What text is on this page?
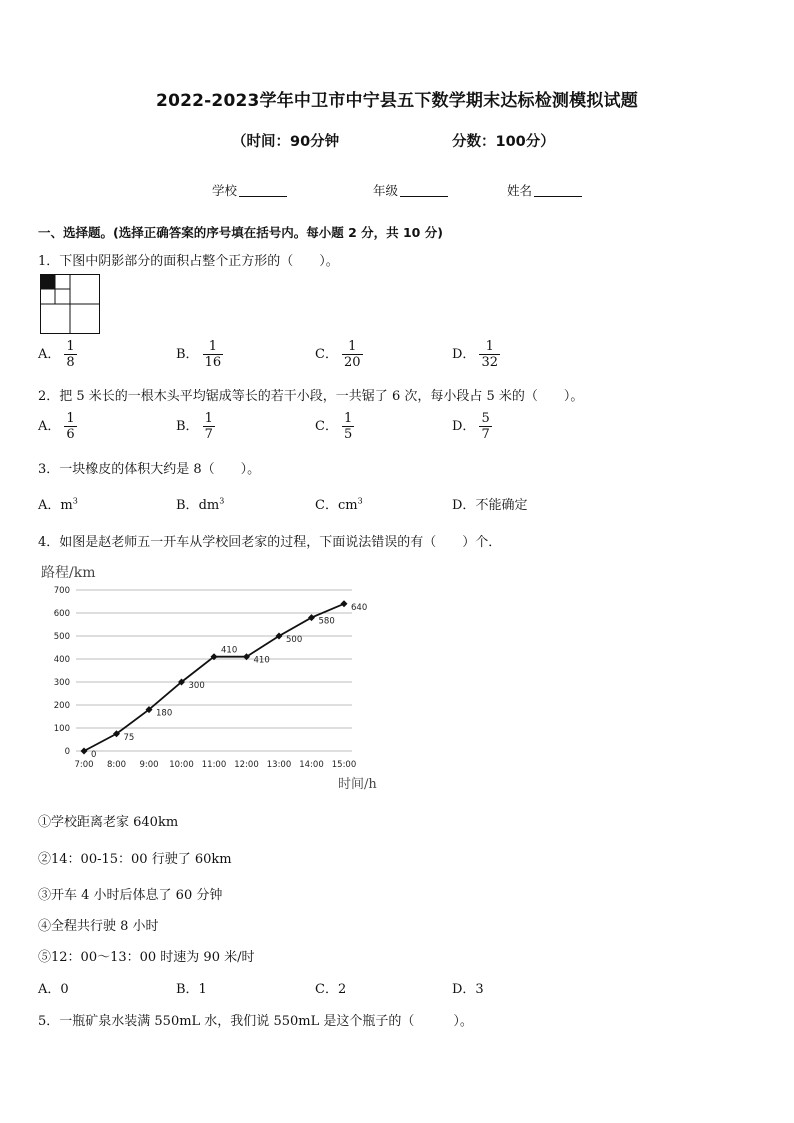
2022-2023学年中卫市中宁县五下数学期末达标检测模拟试题
（时间：90分钟	分数：100分）
学校	年级	姓名
一、选择题。(选择正确答案的序号填在括号内。每小题 2 分，共 10 分)
1．下图中阴影部分的面积占整个正方形的（　　）。
A． $\frac{1}{8}$	B． $\frac{1}{16}$	C． $\frac{1}{20}$	D． $\frac{1}{32}$
2．把 5 米长的一根木头平均锯成等长的若干小段，一共锯了 6 次，每小段占 5 米的（　　）。
A． $\frac{1}{6}$	B． $\frac{1}{7}$	C． $\frac{1}{5}$	D． $\frac{5}{7}$
3．一块橡皮的体积大约是 8（　　）。
A．$m^3$	B．$dm^3$	C．$cm^3$	D．不能确定
4．如图是赵老师五一开车从学校回老家的过程，下面说法错误的有（　　）个．
路程/km
时间/h
0
100
200
300
400
500
600
700
7:00 8:00 9:00 10:00 11:00 12:00 13:00 14:00 15:00
0
75
180
300
410
410
500
580
640
①学校距离老家 640km
②14：00-15：00 行驶了 60km
③开车 4 小时后体息了 60 分钟
④全程共行驶 8 小时
⑤12：00～13：00 时速为 90 米/时
A．0	B．1	C．2	D．3
5．一瓶矿泉水装满 550mL 水，我们说 550mL 是这个瓶子的（　　　）。
